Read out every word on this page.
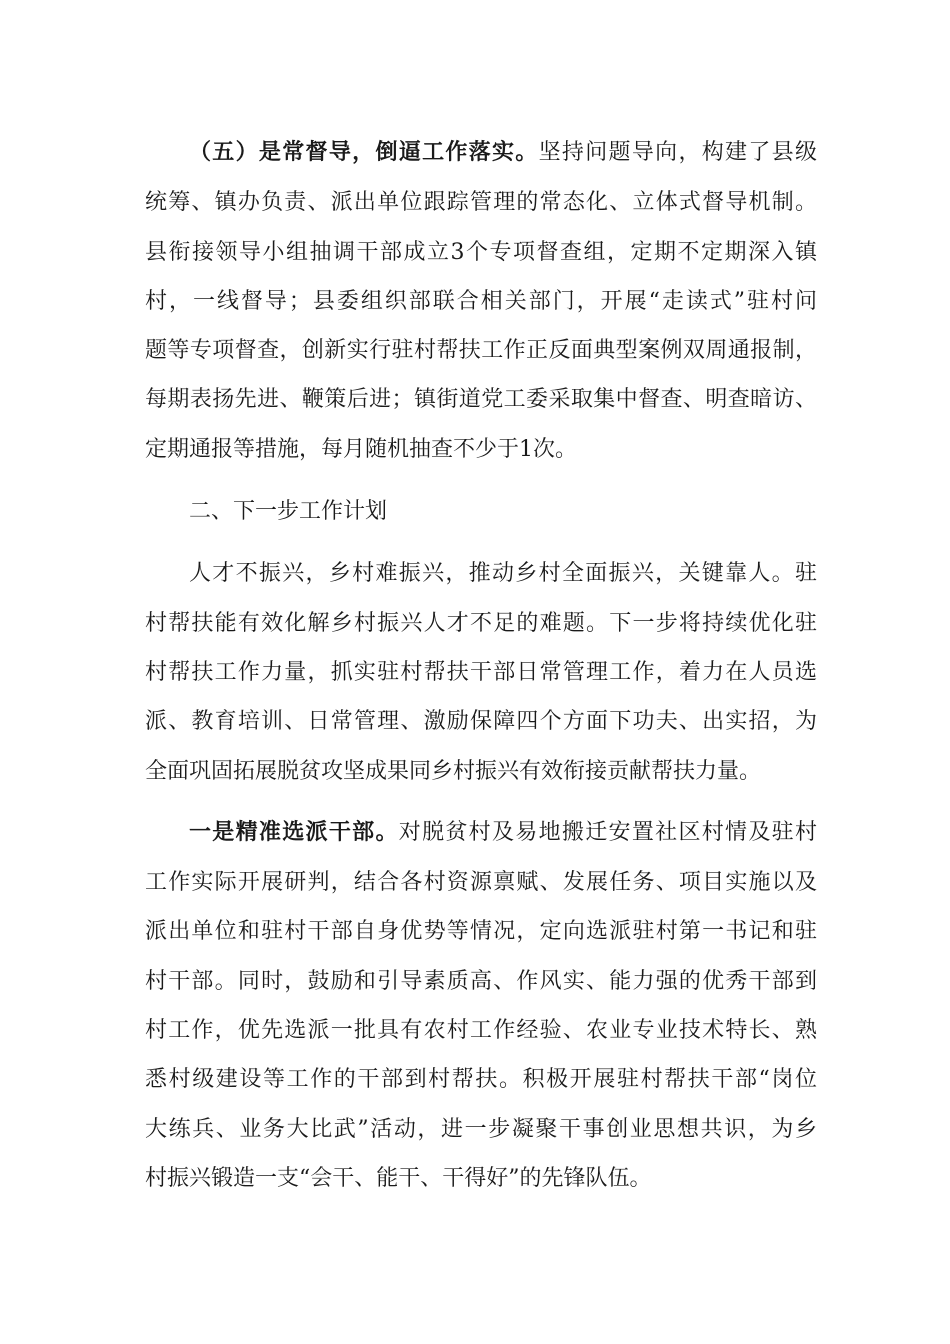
（五）是常督导，倒逼工作落实。坚持问题导向，构建了县级
统筹、镇办负责、派出单位跟踪管理的常态化、立体式督导机制。
县衔接领导小组抽调干部成立3个专项督查组，定期不定期深入镇
村，一线督导；县委组织部联合相关部门，开展“走读式”驻村问
题等专项督查，创新实行驻村帮扶工作正反面典型案例双周通报制，
每期表扬先进、鞭策后进；镇街道党工委采取集中督查、明查暗访、
定期通报等措施，每月随机抽查不少于1次。
二、下一步工作计划
人才不振兴，乡村难振兴，推动乡村全面振兴，关键靠人。驻
村帮扶能有效化解乡村振兴人才不足的难题。下一步将持续优化驻
村帮扶工作力量，抓实驻村帮扶干部日常管理工作，着力在人员选
派、教育培训、日常管理、激励保障四个方面下功夫、出实招，为
全面巩固拓展脱贫攻坚成果同乡村振兴有效衔接贡献帮扶力量。
一是精准选派干部。对脱贫村及易地搬迁安置社区村情及驻村
工作实际开展研判，结合各村资源禀赋、发展任务、项目实施以及
派出单位和驻村干部自身优势等情况，定向选派驻村第一书记和驻
村干部。同时，鼓励和引导素质高、作风实、能力强的优秀干部到
村工作，优先选派一批具有农村工作经验、农业专业技术特长、熟
悉村级建设等工作的干部到村帮扶。积极开展驻村帮扶干部“岗位
大练兵、业务大比武”活动，进一步凝聚干事创业思想共识，为乡
村振兴锻造一支“会干、能干、干得好”的先锋队伍。
